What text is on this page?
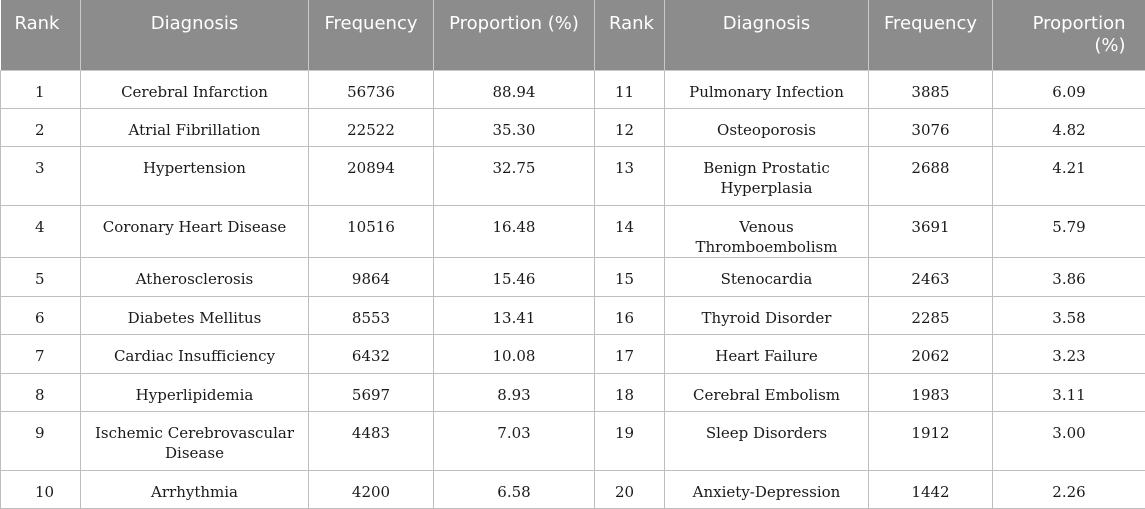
Rank	Diagnosis	Frequency	Proportion (%)	Rank	Diagnosis	Frequency	Proportion (%)
1	Cerebral Infarction	56736	88.94	11	Pulmonary Infection	3885	6.09
2	Atrial Fibrillation	22522	35.30	12	Osteoporosis	3076	4.82
3	Hypertension	20894	32.75	13	Benign Prostatic Hyperplasia	2688	4.21
4	Coronary Heart Disease	10516	16.48	14	Venous Thromboembolism	3691	5.79
5	Atherosclerosis	9864	15.46	15	Stenocardia	2463	3.86
6	Diabetes Mellitus	8553	13.41	16	Thyroid Disorder	2285	3.58
7	Cardiac Insufficiency	6432	10.08	17	Heart Failure	2062	3.23
8	Hyperlipidemia	5697	8.93	18	Cerebral Embolism	1983	3.11
9	Ischemic Cerebrovascular Disease	4483	7.03	19	Sleep Disorders	1912	3.00
10	Arrhythmia	4200	6.58	20	Anxiety-Depression	1442	2.26
